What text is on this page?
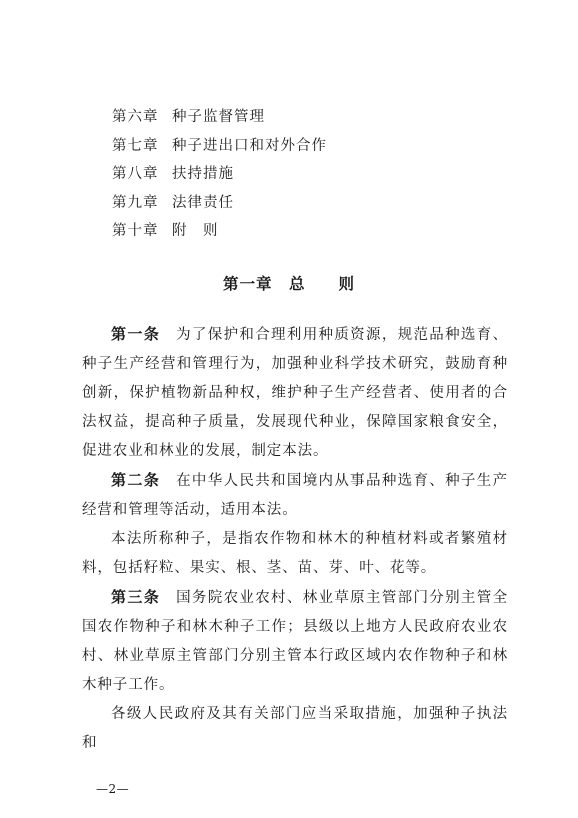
第六章 种子监督管理
第七章 种子进出口和对外合作
第八章 扶持措施
第九章 法律责任
第十章 附　则
第一章　总　　则

第一条　 为了保护和合理利用种质资源，规范品种选育、种子生产经营和管理行为，加强种业科学技术研究，鼓励育种创新，保护植物新品种权，维护种子生产经营者、使用者的合法权益，提高种子质量，发展现代种业，保障国家粮食安全，促进农业和林业的发展，制定本法。

第二条　 在中华人民共和国境内从事品种选育、种子生产经营和管理等活动，适用本法。

本法所称种子，是指农作物和林木的种植材料或者繁殖材料，包括籽粒、果实、根、茎、苗、芽、叶、花等。

第三条　 国务院农业农村、林业草原主管部门分别主管全国农作物种子和林木种子工作；县级以上地方人民政府农业农村、林业草原主管部门分别主管本行政区域内农作物种子和林木种子工作。

各级人民政府及其有关部门应当采取措施，加强种子执法和

—2—
